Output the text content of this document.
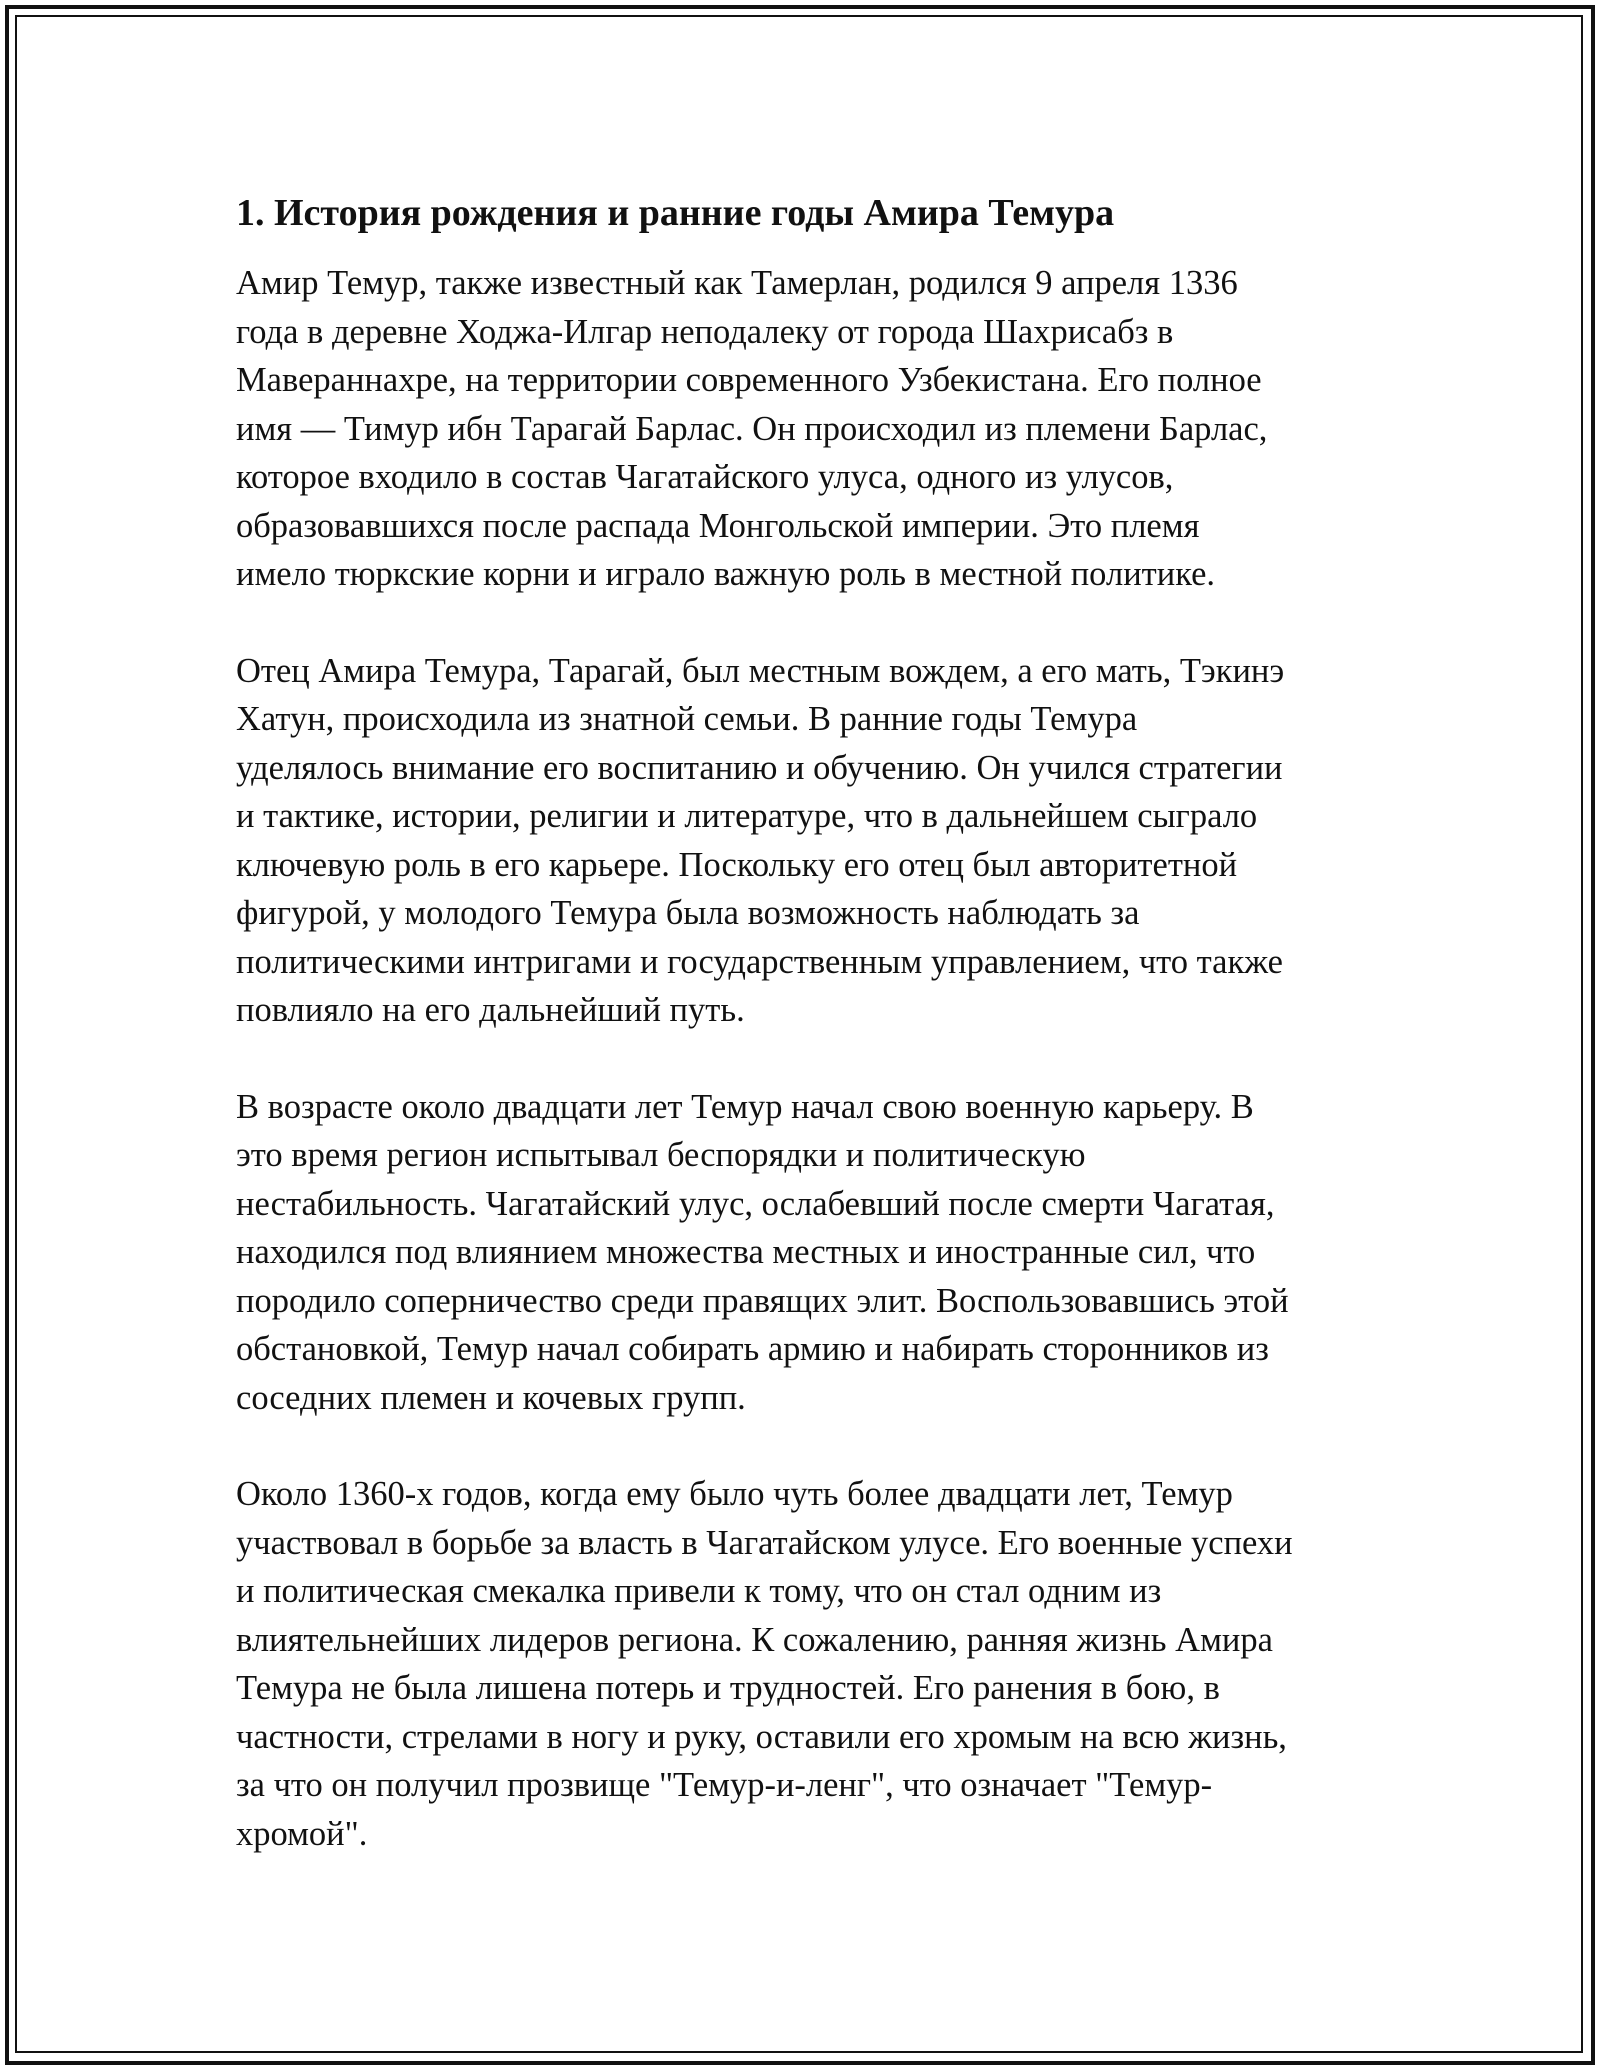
1. История рождения и ранние годы Амира Темура

Амир Темур, также известный как Тамерлан, родился 9 апреля 1336
года в деревне Ходжа-Илгар неподалеку от города Шахрисабз в
Мавераннахре, на территории современного Узбекистана. Его полное
имя — Тимур ибн Тарагай Барлас. Он происходил из племени Барлас,
которое входило в состав Чагатайского улуса, одного из улусов,
образовавшихся после распада Монгольской империи. Это племя
имело тюркские корни и играло важную роль в местной политике.

Отец Амира Темура, Тарагай, был местным вождем, а его мать, Тэкинэ
Хатун, происходила из знатной семьи. В ранние годы Темура
уделялось внимание его воспитанию и обучению. Он учился стратегии
и тактике, истории, религии и литературе, что в дальнейшем сыграло
ключевую роль в его карьере. Поскольку его отец был авторитетной
фигурой, у молодого Темура была возможность наблюдать за
политическими интригами и государственным управлением, что также
повлияло на его дальнейший путь.

В возрасте около двадцати лет Темур начал свою военную карьеру. В
это время регион испытывал беспорядки и политическую
нестабильность. Чагатайский улус, ослабевший после смерти Чагатая,
находился под влиянием множества местных и иностранные сил, что
породило соперничество среди правящих элит. Воспользовавшись этой
обстановкой, Темур начал собирать армию и набирать сторонников из
соседних племен и кочевых групп.

Около 1360-х годов, когда ему было чуть более двадцати лет, Темур
участвовал в борьбе за власть в Чагатайском улусе. Его военные успехи
и политическая смекалка привели к тому, что он стал одним из
влиятельнейших лидеров региона. К сожалению, ранняя жизнь Амира
Темура не была лишена потерь и трудностей. Его ранения в бою, в
частности, стрелами в ногу и руку, оставили его хромым на всю жизнь,
за что он получил прозвище "Темур-и-ленг", что означает "Темур-
хромой".
